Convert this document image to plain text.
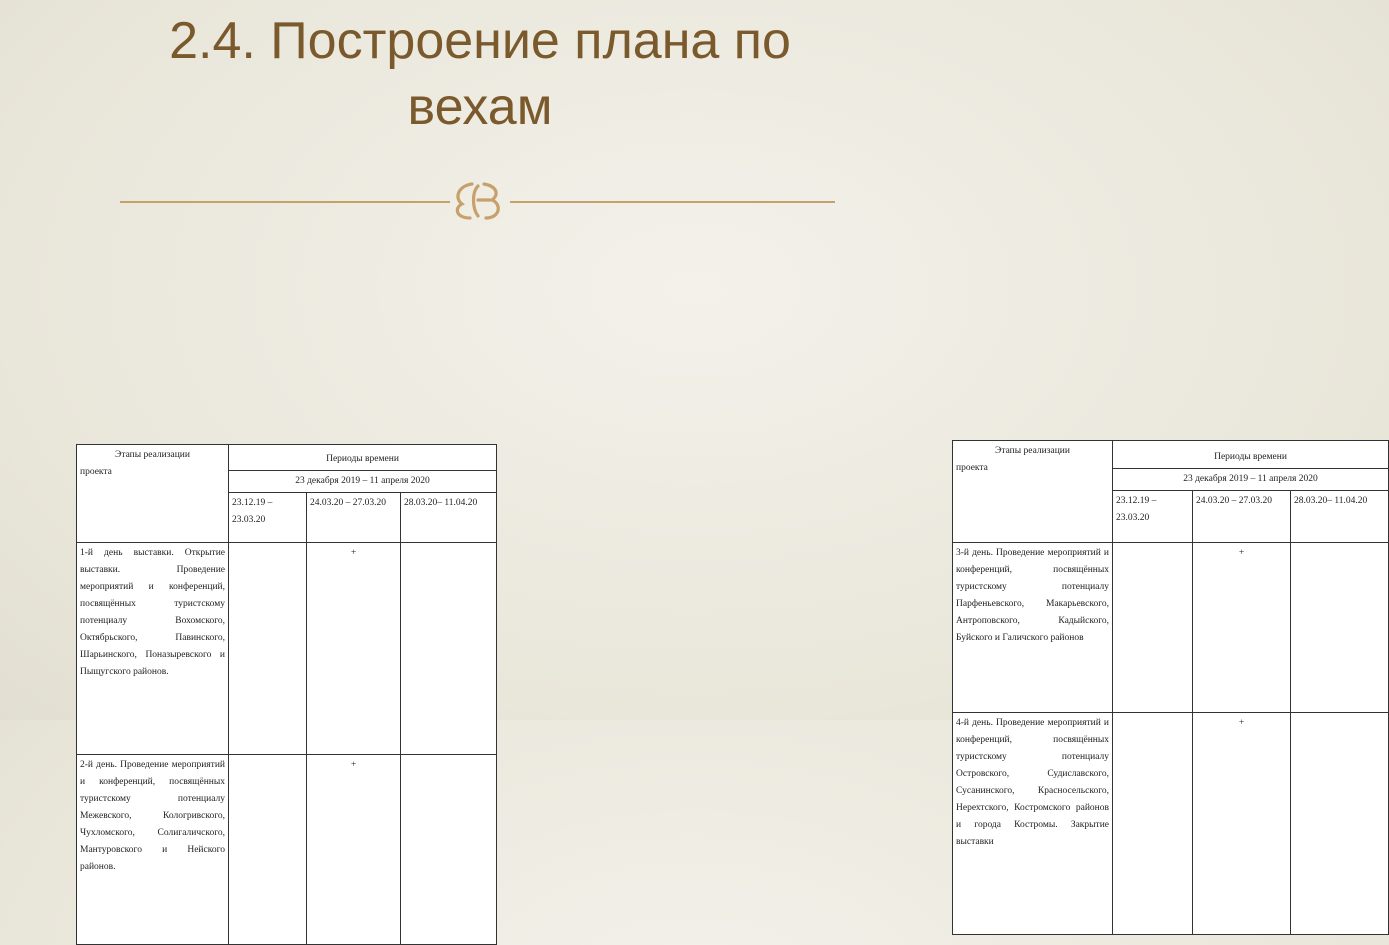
2.4. Построение плана по
вехам
Этапы реализации
проекта	Периоды времени		
	23 декабря 2019 – 11 апреля 2020		
	23.12.19 – 23.03.20	24.03.20 – 27.03.20	28.03.20– 11.04.20
1-й день выставки. Открытие выставки. Проведение мероприятий и конференций, посвящённых туристскому потенциалу Вохомского, Октябрьского, Павинского, Шарьинского, Поназыревского и Пыщугского районов.		+	
2-й день. Проведение мероприятий и конференций, посвящённых туристскому потенциалу Межевского, Кологривского, Чухломского, Солигаличского, Мантуровского и Нейского районов.		+	
Этапы реализации
проекта	Периоды времени		
	23 декабря 2019 – 11 апреля 2020		
	23.12.19 – 23.03.20	24.03.20 – 27.03.20	28.03.20– 11.04.20
3-й день. Проведение мероприятий и конференций, посвящённых туристскому потенциалу Парфеньевского, Макарьевского, Антроповского, Кадыйского, Буйского и Галичского районов		+	
4-й день. Проведение мероприятий и конференций, посвящённых туристскому потенциалу Островского, Судиславского, Сусанинского, Красносельского, Нерехтского, Костромского районов и города Костромы. Закрытие выставки		+	
